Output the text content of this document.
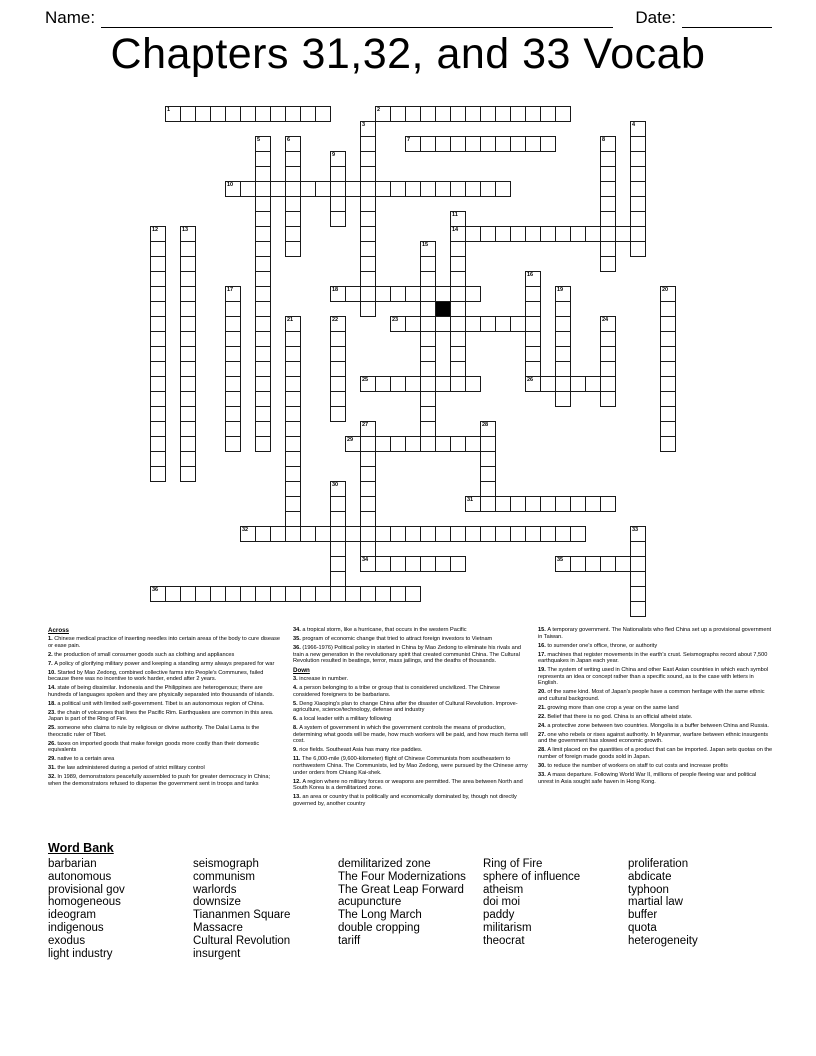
Name:	Date:
Chapters 31,32, and 33 Vocab
1	2
3	4
5	6	7	8
9
10
11
14
12	13
15
16
26
17	18	19	20
21	22	23	24
25
27	28
29
30
31
32	33
34	35
36
Across
1. Chinese medical practice of inserting needles into certain areas of the body to cure disease or ease pain.
2. the production of small consumer goods such as clothing and appliances
7. A policy of glorifying military power and keeping a standing army always prepared for war
10. Started by Mao Zedong, combined collective farms into People's Communes, failed because there was no incentive to work harder, ended after 2 years.
14. state of being dissimilar. Indonesia and the Philippines are heterogenous; there are hundreds of languages spoken and they are physically separated into thousands of islands.
18. a political unit with limited self-government. Tibet is an autonomous region of China.
23. the chain of volcanoes that lines the Pacific Rim. Earthquakes are common in this area. Japan is part of the Ring of Fire.
25. someone who claims to rule by religious or divine authority. The Dalai Lama is the theocratic ruler of Tibet.
26. taxes on imported goods that make foreign goods more costly than their domestic equivalents
29. native to a certain area
31. the law administered during a period of strict military control
32. In 1989, demonstrators peacefully assembled to push for greater democracy in China; when the demonstrators refused to disperse the government sent in troops and tanks
34. a tropical storm, like a hurricane, that occurs in the western Pacific
35. program of economic change that tried to attract foreign investors to Vietnam
36. (1966-1976) Political policy in started in China by Mao Zedong to eliminate his rivals and train a new generation in the revolutionary spirit that created communist China. The Cultural Revolution resulted in beatings, terror, mass jailings, and the deaths of thousands.
Down
3. increase in number.
4. a person belonging to a tribe or group that is considered uncivilized. The Chinese considered foreigners to be barbarians.
5. Deng Xiaoping's plan to change China after the disaster of Cultural Revolution. Improve- agriculture, science/technology, defense and industry
6. a local leader with a military following
8. A system of government in which the government controls the means of production, determining what goods will be made, how much workers will be paid, and how much items will cost.
9. rice fields. Southeast Asia has many rice paddies.
11. The 6,000-mile (9,600-kilometer) flight of Chinese Communists from southeastern to northwestern China. The Communists, led by Mao Zedong, were pursued by the Chinese army under orders from Chiang Kai-shek.
12. A region where no military forces or weapons are permitted. The area between North and South Korea is a demilitarized zone.
13. an area or country that is politically and economically dominated by, though not directly governed by, another country
15. A temporary government. The Nationalists who fled China set up a provisional government in Taiwan.
16. to surrender one's office, throne, or authority
17. machines that register movements in the earth's crust. Seismographs record about 7,500 earthquakes in Japan each year.
19. The system of writing used in China and other East Asian countries in which each symbol represents an idea or concept rather than a specific sound, as is the case with letters in English.
20. of the same kind. Most of Japan's people have a common heritage with the same ethnic and cultural background.
21. growing more than one crop a year on the same land
22. Belief that there is no god. China is an official atheist state.
24. a protective zone between two countries. Mongolia is a buffer between China and Russia.
27. one who rebels or rises against authority. In Myanmar, warfare between ethnic insurgents and the government has slowed economic growth.
28. A limit placed on the quantities of a product that can be imported. Japan sets quotas on the number of foreign made goods sold in Japan.
30. to reduce the number of workers on staff to cut costs and increase profits
33. A mass departure. Following World War II, millions of people fleeing war and political unrest in Asia sought safe haven in Hong Kong.
Word Bank
barbarian
autonomous
provisional gov
homogeneous
ideogram
indigenous
exodus
light industry
seismograph
communism
warlords
downsize
Tiananmen Square Massacre
Cultural Revolution
insurgent
demilitarized zone
The Four Modernizations
The Great Leap Forward
acupuncture
The Long March
double cropping
tariff
Ring of Fire
sphere of influence
atheism
doi moi
paddy
militarism
theocrat
proliferation
abdicate
typhoon
martial law
buffer
quota
heterogeneity
